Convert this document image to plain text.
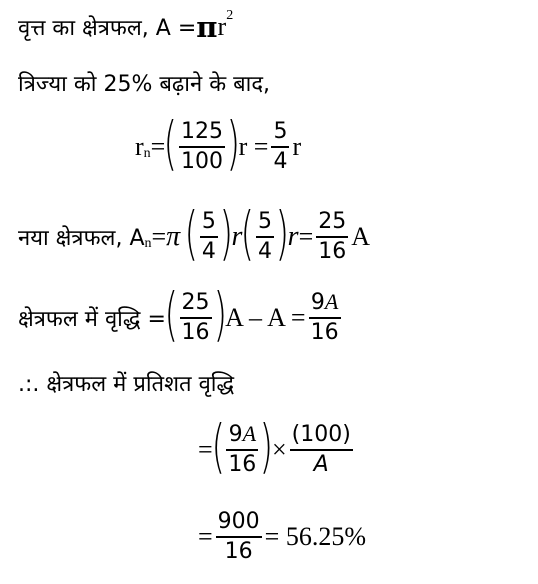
वृत्त का क्षेत्रफल, A = π r 2
त्रिज्या को 25% बढ़ाने के बाद,
r n =
( $\frac{125}{100}$ )
$r = \frac{5}{4}$ r
नया क्षेत्रफल, A n = π ( $\frac{5}{4}$ )
r
( $\frac{5}{4}$ )
$r = \frac{25}{16}$ A
क्षेत्रफल में वृद्धि =
( $\frac{25}{16}$ )
$A - A = \frac{9A}{16}$
.:. क्षेत्रफल में प्रतिशत वृद्धि
=
( $\frac{9A}{16}$ )
× $\frac{(100)}{A}$
= $\frac{900}{16} = 56.25\%$
